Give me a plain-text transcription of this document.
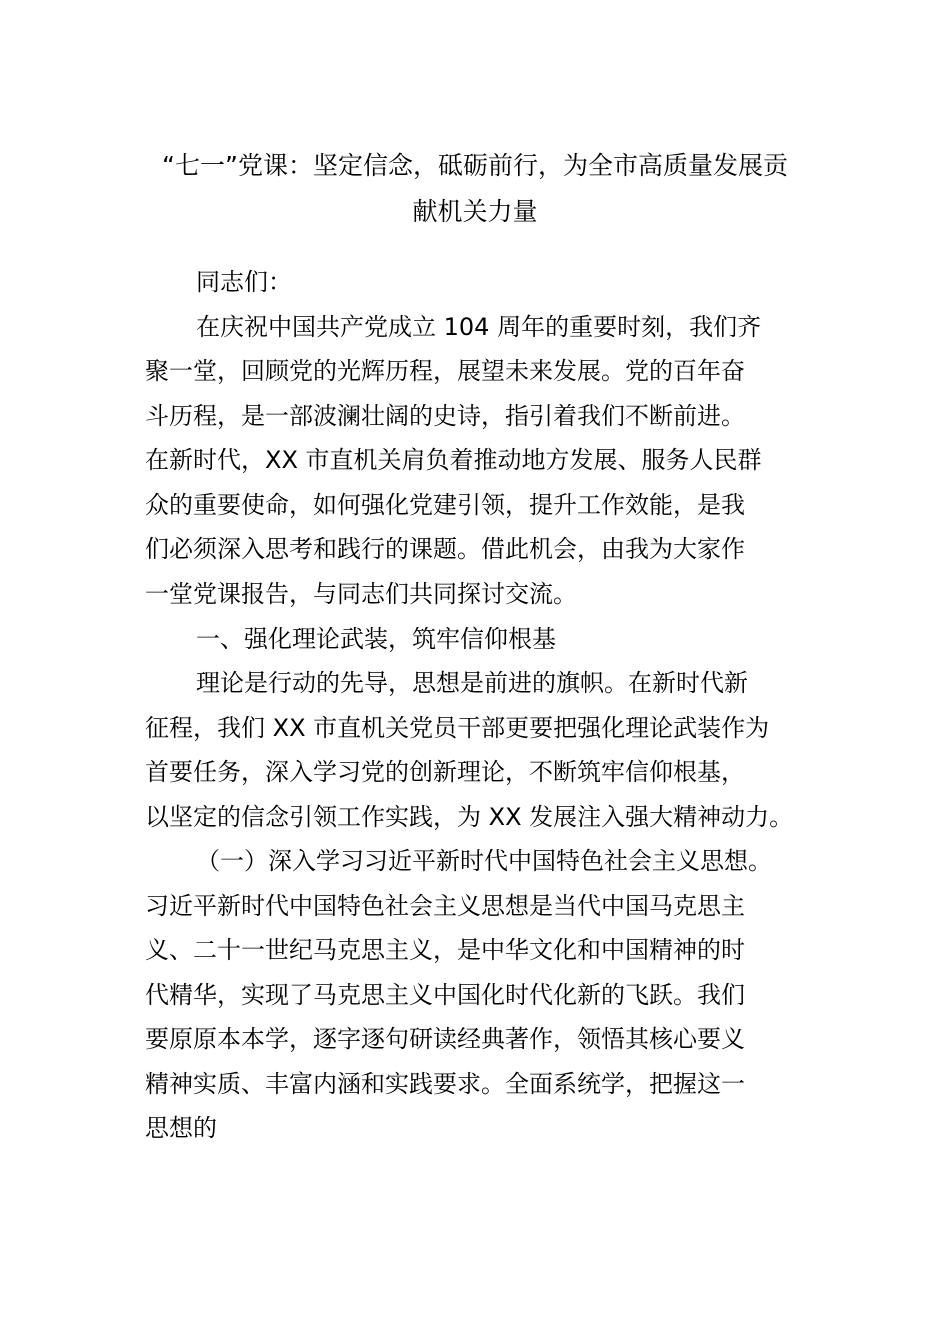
“七一”党课：坚定信念，砥砺前行，为全市高质量发展贡
献机关力量
同志们：
在庆祝中国共产党成立 104 周年的重要时刻，我们齐
聚一堂，回顾党的光辉历程，展望未来发展。党的百年奋
斗历程，是一部波澜壮阔的史诗，指引着我们不断前进。
在新时代，XX 市直机关肩负着推动地方发展、服务人民群
众的重要使命，如何强化党建引领，提升工作效能，是我
们必须深入思考和践行的课题。借此机会，由我为大家作
一堂党课报告，与同志们共同探讨交流。
一、强化理论武装，筑牢信仰根基
理论是行动的先导，思想是前进的旗帜。在新时代新
征程，我们 XX 市直机关党员干部更要把强化理论武装作为
首要任务，深入学习党的创新理论，不断筑牢信仰根基，
以坚定的信念引领工作实践，为 XX 发展注入强大精神动力。
（一）深入学习习近平新时代中国特色社会主义思想。
习近平新时代中国特色社会主义思想是当代中国马克思主
义、二十一世纪马克思主义，是中华文化和中国精神的时
代精华，实现了马克思主义中国化时代化新的飞跃。我们
要原原本本学，逐字逐句研读经典著作，领悟其核心要义
精神实质、丰富内涵和实践要求。全面系统学，把握这一
思想的
